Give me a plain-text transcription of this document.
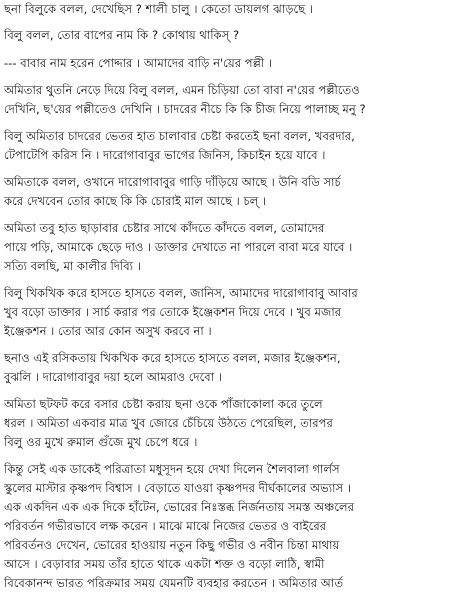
ছনা বিলুকে বলল, দেখেছিস ? শালী চালু । কেতো ডায়লগ ঝাড়ছে ।
বিলু বলল, তোর বাপের নাম কি ? কোথায় থাকিস্ ?
--- বাবার নাম হরেন পোদ্দার । আমাদের বাড়ি ন'য়ের পল্লী ।
অমিতার থুতনি নেড়ে দিয়ে বিলু বলল, এমন চিড়িয়া তো বাবা ন'য়ের পল্লীতেও
দেখিনি, ছ'য়ের পল্লীতেও দেখিনি । চাদরের নীচে কি কি চীজ নিয়ে পালাচ্ছ মনু ?
বিলু অমিতার চাদরের ভেতর হাত চালাবার চেষ্টা করতেই ছনা বলল, খবরদার,
টেপাটেপি করিস নি । দারোগাবাবুর ভাগের জিনিস, কিচাইন হয়ে যাবে ।
অমিতাকে বলল, ওখানে দারোগাবাবুর গাড়ি দাঁড়িয়ে আছে । উনি বডি সার্চ
করে দেখবেন তোর কাছে কি কি চোরাই মাল আছে । চল্ ।
অমিতা তবু হাত ছাড়াবার চেষ্টার সাথে কাঁদতে কাঁদতে বলল, তোমাদের
পায়ে পড়ি, আমাকে ছেড়ে দাও । ডাক্তার দেখাতে না পারলে বাবা মরে যাবে ।
সত্যি বলছি, মা কালীর দিব্যি ।
বিলু খিকখিক করে হাসতে হাসতে বলল, জানিস, আমাদের দারোগাবাবু আবার
খুব বড়ো ডাক্তার । সার্চ করার পর তোকে ইঞ্জেকশন দিয়ে দেবে । খুব মজার
ইঞ্জেকশন । তোর আর কোন অসুখ করবে না ।
ছনাও এই রসিকতায় খিকখিক করে হাসতে হাসতে বলল, মজার ইঞ্জেকশন,
বুঝলি । দারোগাবাবুর দয়া হলে আমরাও দেবো ।
অমিতা ছটফট করে বসার চেষ্টা করায় ছনা ওকে পাঁজাকোলা করে তুলে
ধরল । অমিতা একবার মাত্র খুব জোরে চেঁচিয়ে উঠতে পেরেছিল, তারপর
বিলু ওর মুখে রুমাল গুঁজে মুখ চেপে ধরে ।
কিন্তু সেই এক ডাকেই পরিত্রাতা মধুসূদন হয়ে দেখা দিলেন শৈলবালা গার্লস
স্কুলের মাস্টার কৃষ্ণপদ বিশ্বাস । বেড়াতে যাওয়া কৃষ্ণপদর দীর্ঘকালের অভ্যাস ।
এক একদিন এক এক দিকে হাঁটেন, ভোরের নিঃস্তব্ধ নির্জনতায় সমস্ত অঞ্চলের
পরিবর্তন গভীরভাবে লক্ষ করেন । মাঝে মাঝে নিজের ভেতর ও বাইরের
পরিবর্তনও দেখেন, ভোরের হাওয়ায় নতুন কিছু গভীর ও নবীন চিন্তা মাথায়
আসে । বেড়াবার সময় তাঁর হাতে থাকে একটা শক্ত ও বড়ো লাঠি, স্বামী
বিবেকানন্দ ভারত পরিক্রমার সময় যেমনটি ব্যবহার করতেন । অমিতার আর্ত
